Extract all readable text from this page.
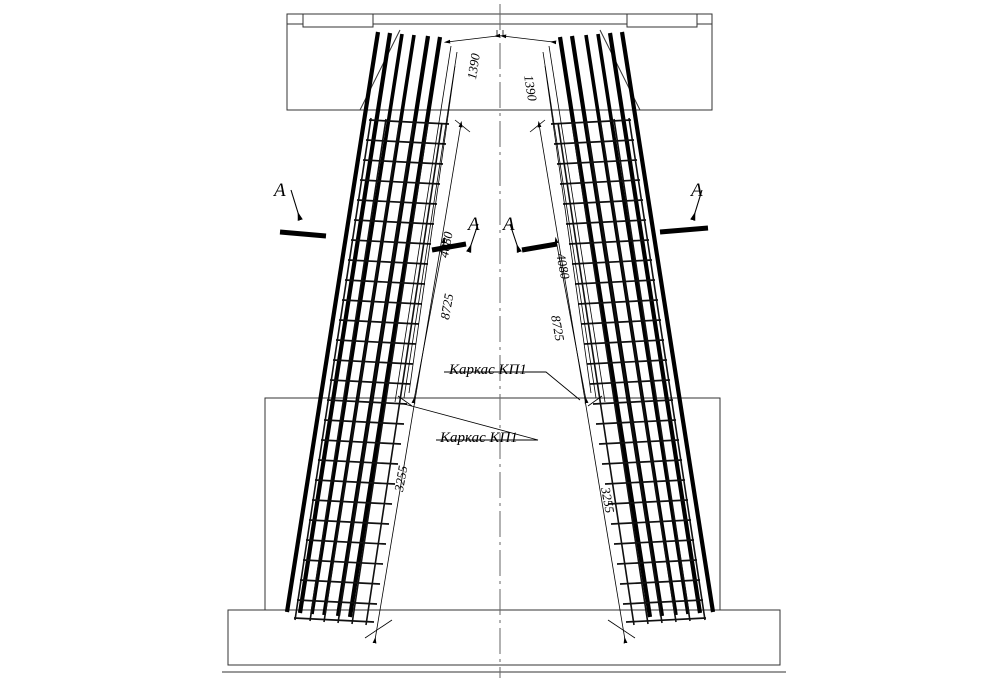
1390
1390
4080
4080
8725
8725
3255
3255
Каркас КП1
Каркас КП1
А
А А
А
